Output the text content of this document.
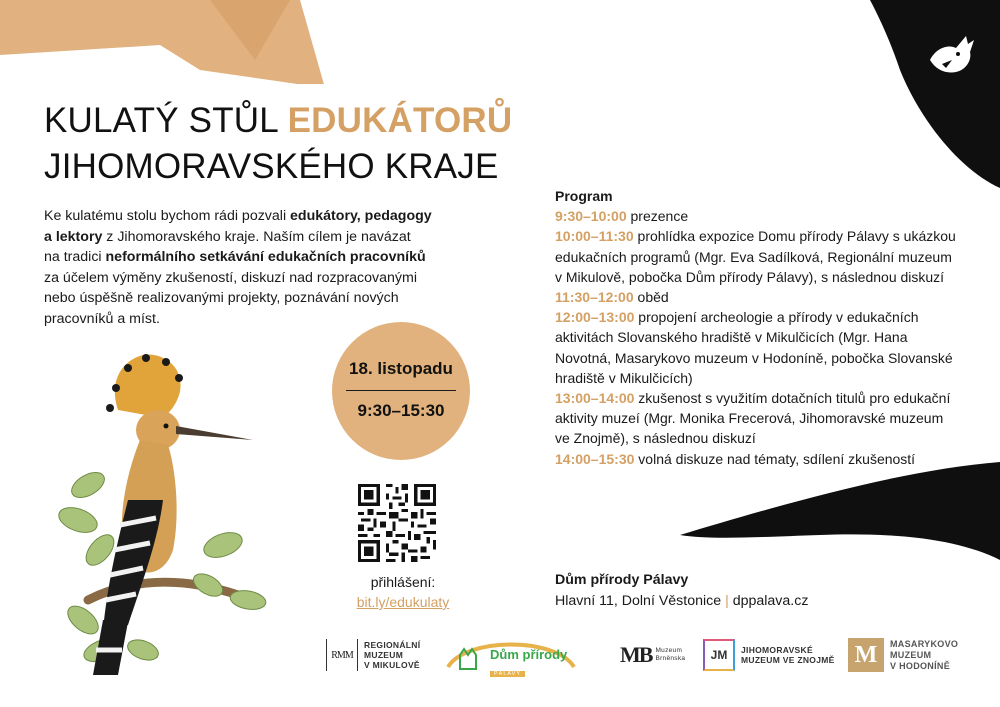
KULATÝ STŮL EDUKÁTORŮ
JIHOMORAVSKÉHO KRAJE
Ke kulatému stolu bychom rádi pozvali edukátory, pedagogy
a lektory z Jihomoravského kraje. Naším cílem je navázat
na tradici neformálního setkávání edukačních pracovníků
za účelem výměny zkušeností, diskuzí nad rozpracovanými
nebo úspěšně realizovanými projekty, poznávání nových
pracovníků a míst.
18. listopadu
9:30–15:30
přihlášení:
bit.ly/edukulaty
Program
9:30–10:00 prezence
10:00–11:30 prohlídka expozice Domu přírody Pálavy s ukázkou
edukačních programů (Mgr. Eva Sadílková, Regionální muzeum
v Mikulově, pobočka Dům přírody Pálavy), s následnou diskuzí
11:30–12:00 oběd
12:00–13:00 propojení archeologie a přírody v edukačních
aktivitách Slovanského hradiště v Mikulčicích (Mgr. Hana
Novotná, Masarykovo muzeum v Hodoníně, pobočka Slovanské
hradiště v Mikulčicích)
13:00–14:00 zkušenost s využitím dotačních titulů pro edukační
aktivity muzeí (Mgr. Monika Frecerová, Jihomoravské muzeum
ve Znojmě), s následnou diskuzí
14:00–15:30 volná diskuze nad tématy, sdílení zkušeností
Dům přírody Pálavy
Hlavní 11, Dolní Věstonice | dppalava.cz
RMM
REGIONÁLNÍ
MUZEUM
V MIKULOVĚ
Dům přírody
PÁLAVY
MB Muzeum
Brněnska JM JIHOMORAVSKÉ
MUZEUM VE ZNOJMĚ M MASARYKOVO
MUZEUM
V HODONÍNĚ
